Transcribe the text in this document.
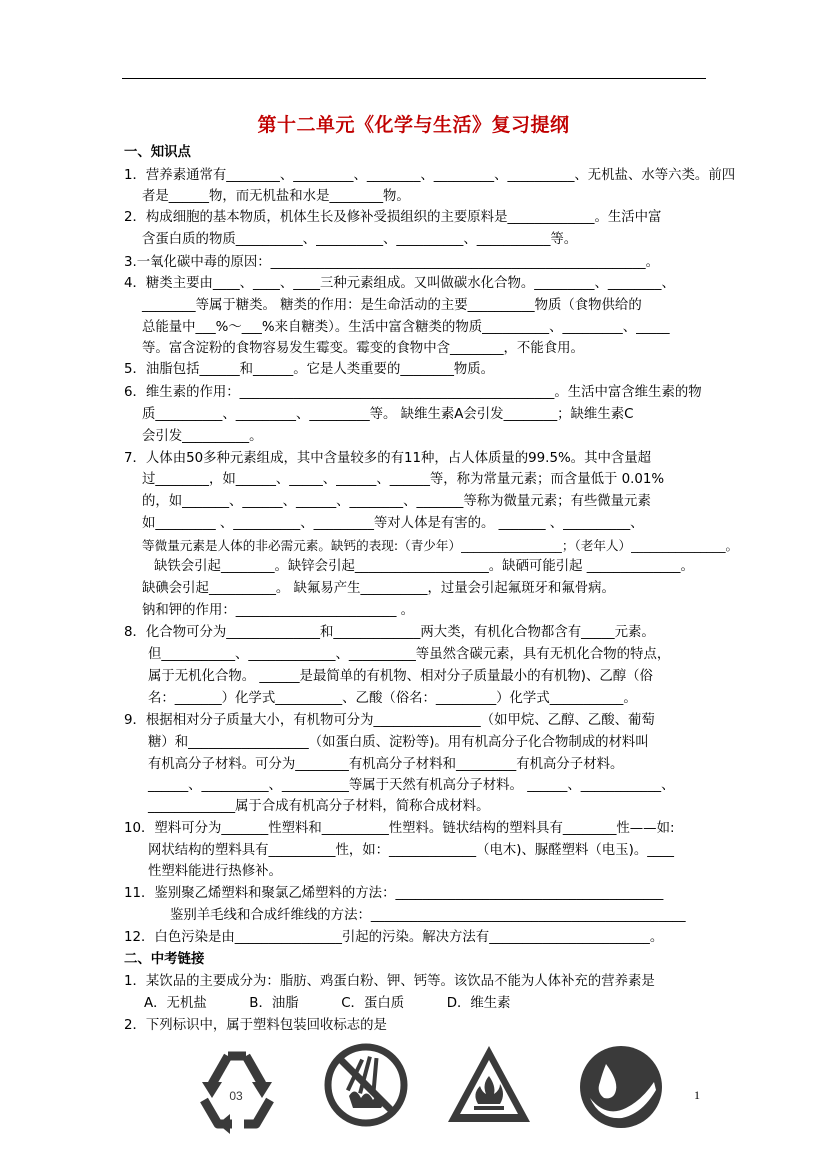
第十二单元《化学与生活》复习提纲
一、知识点
1．营养素通常有________、_________、________、_________、__________、无机盐、水等六类。前四
者是______物，而无机盐和水是________物。
2．构成细胞的基本物质，机体生长及修补受损组织的主要原料是_____________。生活中富
含蛋白质的物质__________、__________、__________、___________等。
3.一氧化碳中毒的原因：________________________________________________________。
4．糖类主要由____、____、____三种元素组成。又叫做碳水化合物。_________、________、
________等属于糖类。 糖类的作用：是生命活动的主要__________物质（食物供给的
总能量中___%～___%来自糖类）。生活中富含糖类的物质__________、_________、_____
等。富含淀粉的食物容易发生霉变。霉变的食物中含________，不能食用。
5．油脂包括______和______。它是人类重要的________物质。
6．维生素的作用：_______________________________________________。生活中富含维生素的物
质__________、_________、_________等。 缺维生素A会引发________；缺维生素C
会引发__________。
7．人体由50多种元素组成，其中含量较多的有11种，占人体质量的99.5%。其中含量超
过________，如______、_____、______、______等，称为常量元素；而含量低于 0.01%
的，如_______、______、______、________、_______等称为微量元素；有些微量元素
如_________ 、__________、_________等对人体是有害的。 _______ 、__________、
等微量元素是人体的非必需元素。缺钙的表现:（青少年）________________；（老年人）_______________。
缺铁会引起________。缺锌会引起____________________。缺硒可能引起 ______________。
缺碘会引起__________。 缺氟易产生__________，过量会引起氟斑牙和氟骨病。
钠和钾的作用：________________________ 。
8．化合物可分为______________和_____________两大类，有机化合物都含有_____元素。
但___________、_____________、__________等虽然含碳元素，具有无机化合物的特点，
属于无机化合物。 ______是最简单的有机物、相对分子质量最小的有机物)、乙醇（俗
名：_______）化学式__________、乙酸（俗名：_________）化学式___________。
9．根据相对分子质量大小，有机物可分为________________（如甲烷、乙醇、乙酸、葡萄
糖）和__________________（如蛋白质、淀粉等)。用有机高分子化合物制成的材料叫
有机高分子材料。可分为________有机高分子材料和_________有机高分子材料。
______、__________、__________等属于天然有机高分子材料。 ______、____________、
_____________属于合成有机高分子材料，简称合成材料。
10．塑料可分为_______性塑料和__________性塑料。链状结构的塑料具有________性——如:
网状结构的塑料具有__________性，如：_____________（电木)、脲醛塑料（电玉)。____
性塑料能进行热修补。
11．鉴别聚乙烯塑料和聚氯乙烯塑料的方法：________________________________________
鉴别羊毛线和合成纤维线的方法：_______________________________________________
12．白色污染是由________________引起的污染。解决方法有________________________。
二、中考链接
1．某饮品的主要成分为：脂肪、鸡蛋白粉、钾、钙等。该饮品不能为人体补充的营养素是
A．无机盐          B．油脂          C．蛋白质          D．维生素
2．下列标识中，属于塑料包装回收标志的是
03	1
